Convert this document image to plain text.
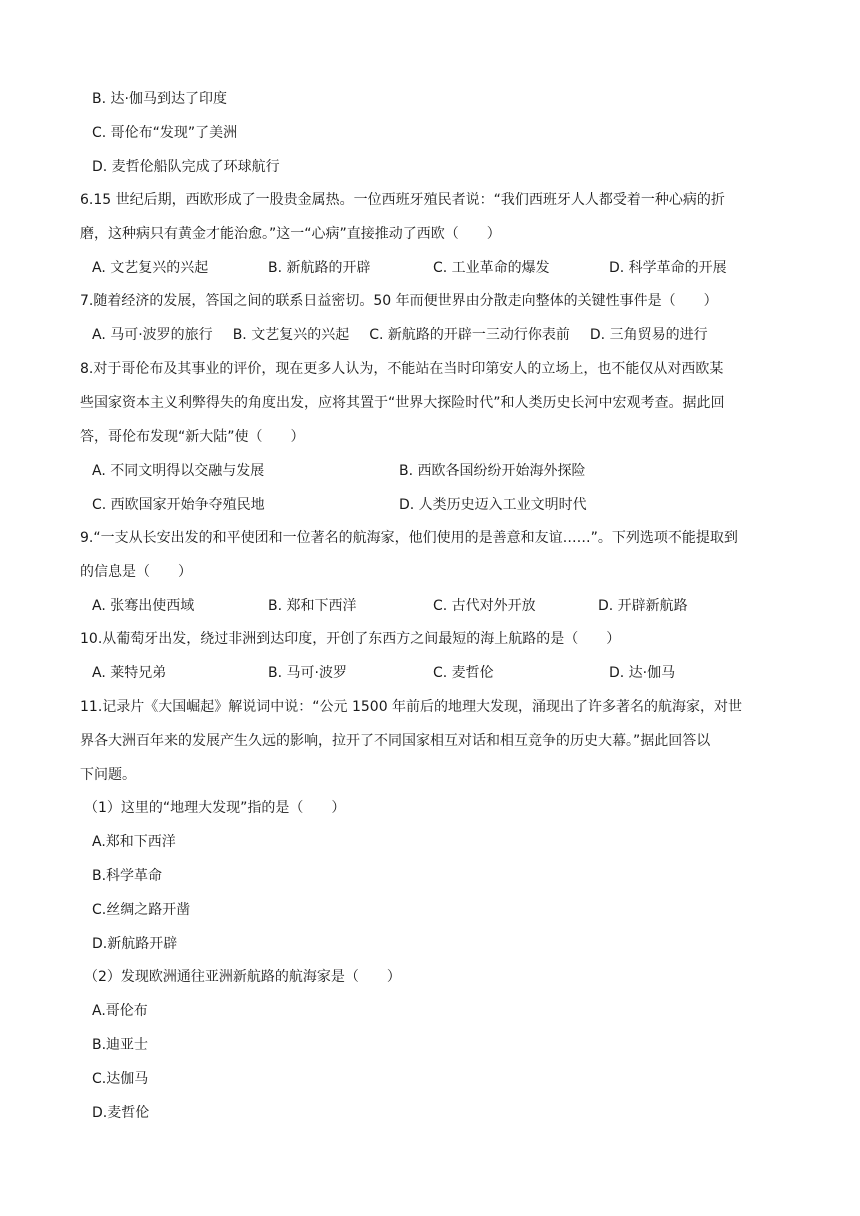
B. 达·伽马到达了印度
C. 哥伦布“发现”了美洲
D. 麦哲伦船队完成了环球航行
6.15 世纪后期，西欧形成了一股贵金属热。一位西班牙殖民者说：“我们西班牙人人都受着一种心病的折
磨，这种病只有黄金才能治愈。”这一“心病”直接推动了西欧（　　）
A. 文艺复兴的兴起	B. 新航路的开辟	C. 工业革命的爆发	D. 科学革命的开展
7.随着经济的发展，答国之间的联系日益密切。50 年而便世界由分散走向整体的关键性事件是（　　）
A. 马可·波罗的旅行 B. 文艺复兴的兴起 C. 新航路的开辟一三动行你表前 D. 三角贸易的进行
8.对于哥伦布及其事业的评价，现在更多人认为，不能站在当时印第安人的立场上，也不能仅从对西欧某
些国家资本主义利弊得失的角度出发，应将其置于“世界大探险时代”和人类历史长河中宏观考查。据此回
答，哥伦布发现“新大陆”使（　　）
A. 不同文明得以交融与发展	B. 西欧各国纷纷开始海外探险
C. 西欧国家开始争夺殖民地	D. 人类历史迈入工业文明时代
9.“一支从长安出发的和平使团和一位著名的航海家，他们使用的是善意和友谊……”。下列选项不能提取到
的信息是（　　）
A. 张骞出使西域	B. 郑和下西洋	C. 古代对外开放	D. 开辟新航路
10.从葡萄牙出发，绕过非洲到达印度，开创了东西方之间最短的海上航路的是（　　）
A. 莱特兄弟	B. 马可·波罗	C. 麦哲伦	D. 达·伽马
11.记录片《大国崛起》解说词中说：“公元 1500 年前后的地理大发现，涌现出了许多著名的航海家，对世
界各大洲百年来的发展产生久远的影响，拉开了不同国家相互对话和相互竞争的历史大幕。”据此回答以
下问题。
（1）这里的“地理大发现”指的是（　　）
A.郑和下西洋
B.科学革命
C.丝绸之路开凿
D.新航路开辟
（2）发现欧洲通往亚洲新航路的航海家是（　　）
A.哥伦布
B.迪亚士
C.达伽马
D.麦哲伦
